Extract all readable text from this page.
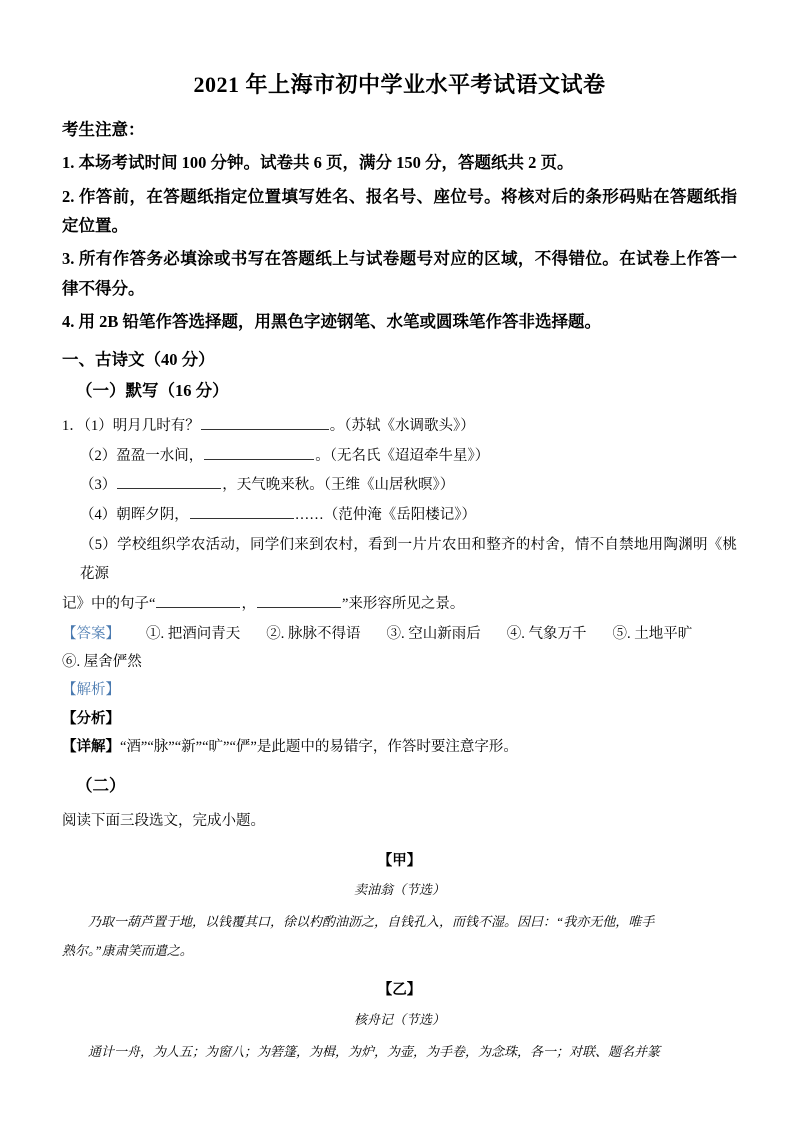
2021 年上海市初中学业水平考试语文试卷
考生注意：

1. 本场考试时间 100 分钟。试卷共 6 页，满分 150 分，答题纸共 2 页。

2. 作答前，在答题纸指定位置填写姓名、报名号、座位号。将核对后的条形码贴在答题纸指定位置。

3. 所有作答务必填涂或书写在答题纸上与试卷题号对应的区域，不得错位。在试卷上作答一律不得分。

4. 用 2B 铅笔作答选择题，用黑色字迹钢笔、水笔或圆珠笔作答非选择题。

一、古诗文（40 分）
（一）默写（16 分）

1．（1）明月几时有？	。（苏轼《水调歌头》）

（2）盈盈一水间，	。（无名氏《迢迢牵牛星》）

（3）	，天气晚来秋。（王维《山居秋暝》）

（4）朝晖夕阴，	……（范仲淹《岳阳楼记》）

（5）学校组织学农活动，同学们来到农村，看到一片片农田和整齐的村舍，情不自禁地用陶渊明《桃花源

记》中的句子“	，	”来形容所见之景。

【答案】 ①. 把酒问青天 ②. 脉脉不得语 ③. 空山新雨后 ④. 气象万千 ⑤. 土地平旷

⑥. 屋舍俨然

【解析】

【分析】

【详解】“酒”“脉”“新”“旷”“俨”是此题中的易错字，作答时要注意字形。

（二）

阅读下面三段选文，完成小题。

【甲】
卖油翁（节选）

乃取一葫芦置于地，以钱覆其口，徐以杓酌油沥之，自钱孔入，而钱不湿。因曰：“我亦无他，唯手

熟尔。”康肃笑而遣之。

【乙】
核舟记（节选）

通计一舟，为人五；为窗八；为箬篷，为楫，为炉，为壶，为手卷，为念珠，各一；对联、题名并篆
